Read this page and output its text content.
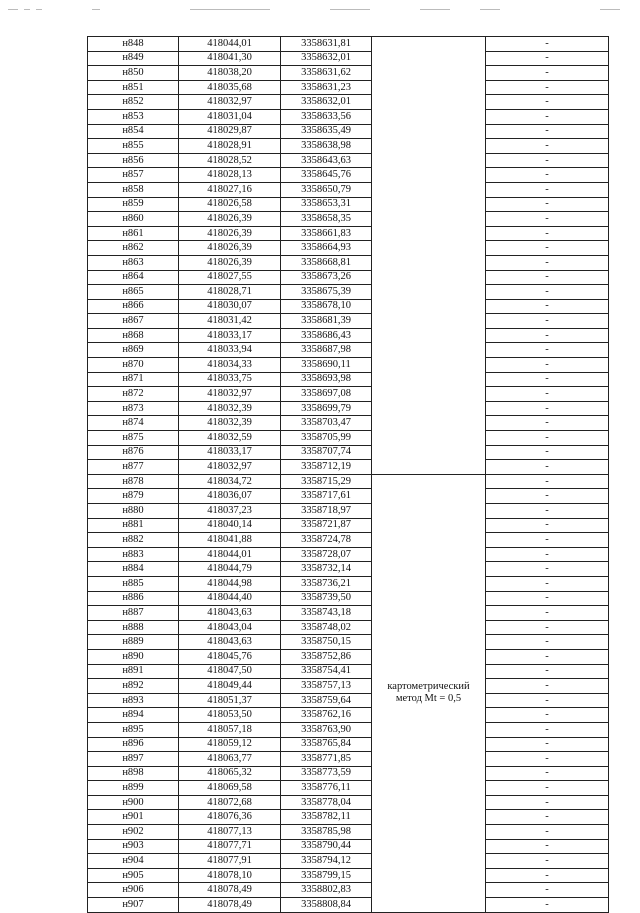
н848	418044,01	3358631,81		-
н849	418041,30	3358632,01		-
н850	418038,20	3358631,62		-
н851	418035,68	3358631,23		-
н852	418032,97	3358632,01		-
н853	418031,04	3358633,56		-
н854	418029,87	3358635,49		-
н855	418028,91	3358638,98		-
н856	418028,52	3358643,63		-
н857	418028,13	3358645,76		-
н858	418027,16	3358650,79		-
н859	418026,58	3358653,31		-
н860	418026,39	3358658,35		-
н861	418026,39	3358661,83		-
н862	418026,39	3358664,93		-
н863	418026,39	3358668,81		-
н864	418027,55	3358673,26		-
н865	418028,71	3358675,39		-
н866	418030,07	3358678,10		-
н867	418031,42	3358681,39		-
н868	418033,17	3358686,43		-
н869	418033,94	3358687,98		-
н870	418034,33	3358690,11		-
н871	418033,75	3358693,98		-
н872	418032,97	3358697,08		-
н873	418032,39	3358699,79		-
н874	418032,39	3358703,47		-
н875	418032,59	3358705,99		-
н876	418033,17	3358707,74		-
н877	418032,97	3358712,19		-
н878	418034,72	3358715,29	картометрический
метод Mt = 0,5	-
н879	418036,07	3358717,61		-
н880	418037,23	3358718,97		-
н881	418040,14	3358721,87		-
н882	418041,88	3358724,78		-
н883	418044,01	3358728,07		-
н884	418044,79	3358732,14		-
н885	418044,98	3358736,21		-
н886	418044,40	3358739,50		-
н887	418043,63	3358743,18		-
н888	418043,04	3358748,02		-
н889	418043,63	3358750,15		-
н890	418045,76	3358752,86		-
н891	418047,50	3358754,41		-
н892	418049,44	3358757,13		-
н893	418051,37	3358759,64		-
н894	418053,50	3358762,16		-
н895	418057,18	3358763,90		-
н896	418059,12	3358765,84		-
н897	418063,77	3358771,85		-
н898	418065,32	3358773,59		-
н899	418069,58	3358776,11		-
н900	418072,68	3358778,04		-
н901	418076,36	3358782,11		-
н902	418077,13	3358785,98		-
н903	418077,71	3358790,44		-
н904	418077,91	3358794,12		-
н905	418078,10	3358799,15		-
н906	418078,49	3358802,83		-
н907	418078,49	3358808,84		-
